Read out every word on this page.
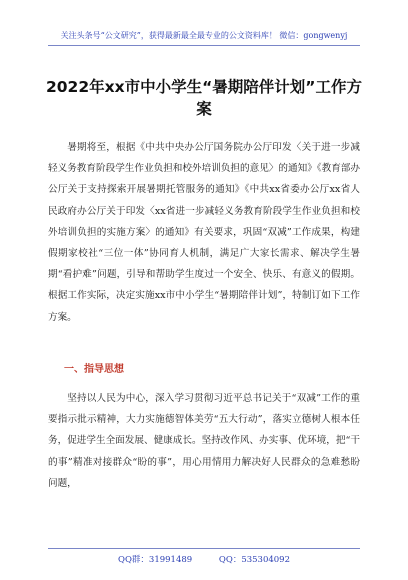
关注头条号“公文研究”，获得最新最全最专业的公文资料库！ 微信：gongwenyj
2022年xx市中小学生“暑期陪伴计划”工作方案

暑期将至，根据《中共中央办公厅国务院办公厅印发〈关于进一步减轻义务教育阶段学生作业负担和校外培训负担的意见〉的通知》《教育部办公厅关于支持探索开展暑期托管服务的通知》《中共xx省委办公厅xx省人民政府办公厅关于印发〈xx省进一步减轻义务教育阶段学生作业负担和校外培训负担的实施方案〉的通知》有关要求，巩固“双减”工作成果，构建假期家校社“三位一体”协同育人机制，满足广大家长需求、解决学生暑期“看护难”问题，引导和帮助学生度过一个安全、快乐、有意义的假期。根据工作实际，决定实施xx市中小学生“暑期陪伴计划”，特制订如下工作方案。

一、指导思想

坚持以人民为中心，深入学习贯彻习近平总书记关于“双减”工作的重要指示批示精神，大力实施德智体美劳“五大行动”，落实立德树人根本任务，促进学生全面发展、健康成长。坚持改作风、办实事、优环境，把“干的事”精准对接群众“盼的事”，用心用情用力解决好人民群众的急难愁盼问题，

QQ群：31991489	QQ：535304092
